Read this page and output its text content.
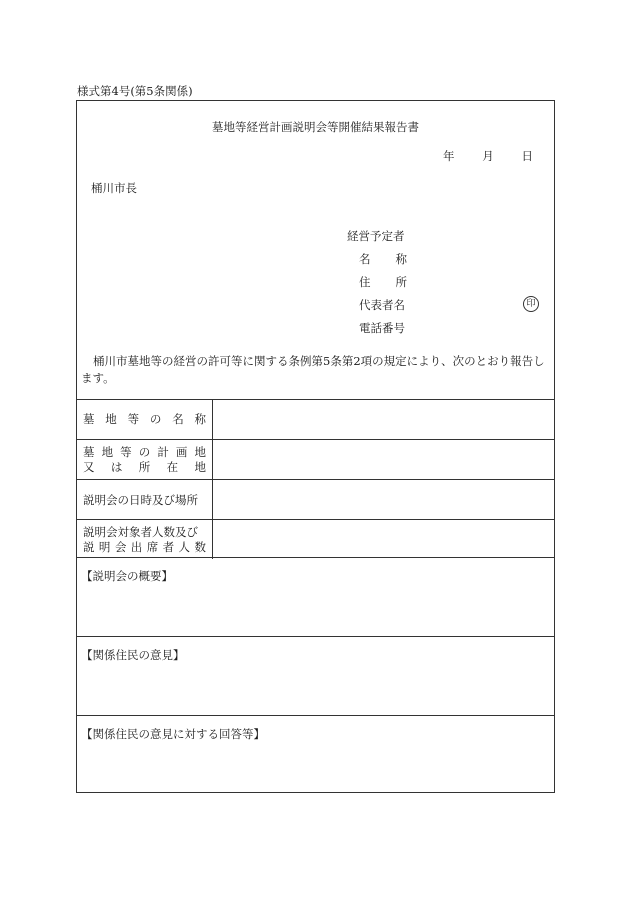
様式第4号(第5条関係)
墓地等経営計画説明会等開催結果報告書
年 月 日
桶川市長
経営予定者
名 称
住 所
代表者名	印
電話番号
桶川市墓地等の経営の許可等に関する条例第5条第2項の規定により、次のとおり報告します。
墓 地 等 の 名 称
墓 地 等 の 計 画 地
又 は 所 在 地
説明会の日時及び場所
説明会対象者人数及び
説 明 会 出 席 者 人 数
【説明会の概要】
【関係住民の意見】
【関係住民の意見に対する回答等】
